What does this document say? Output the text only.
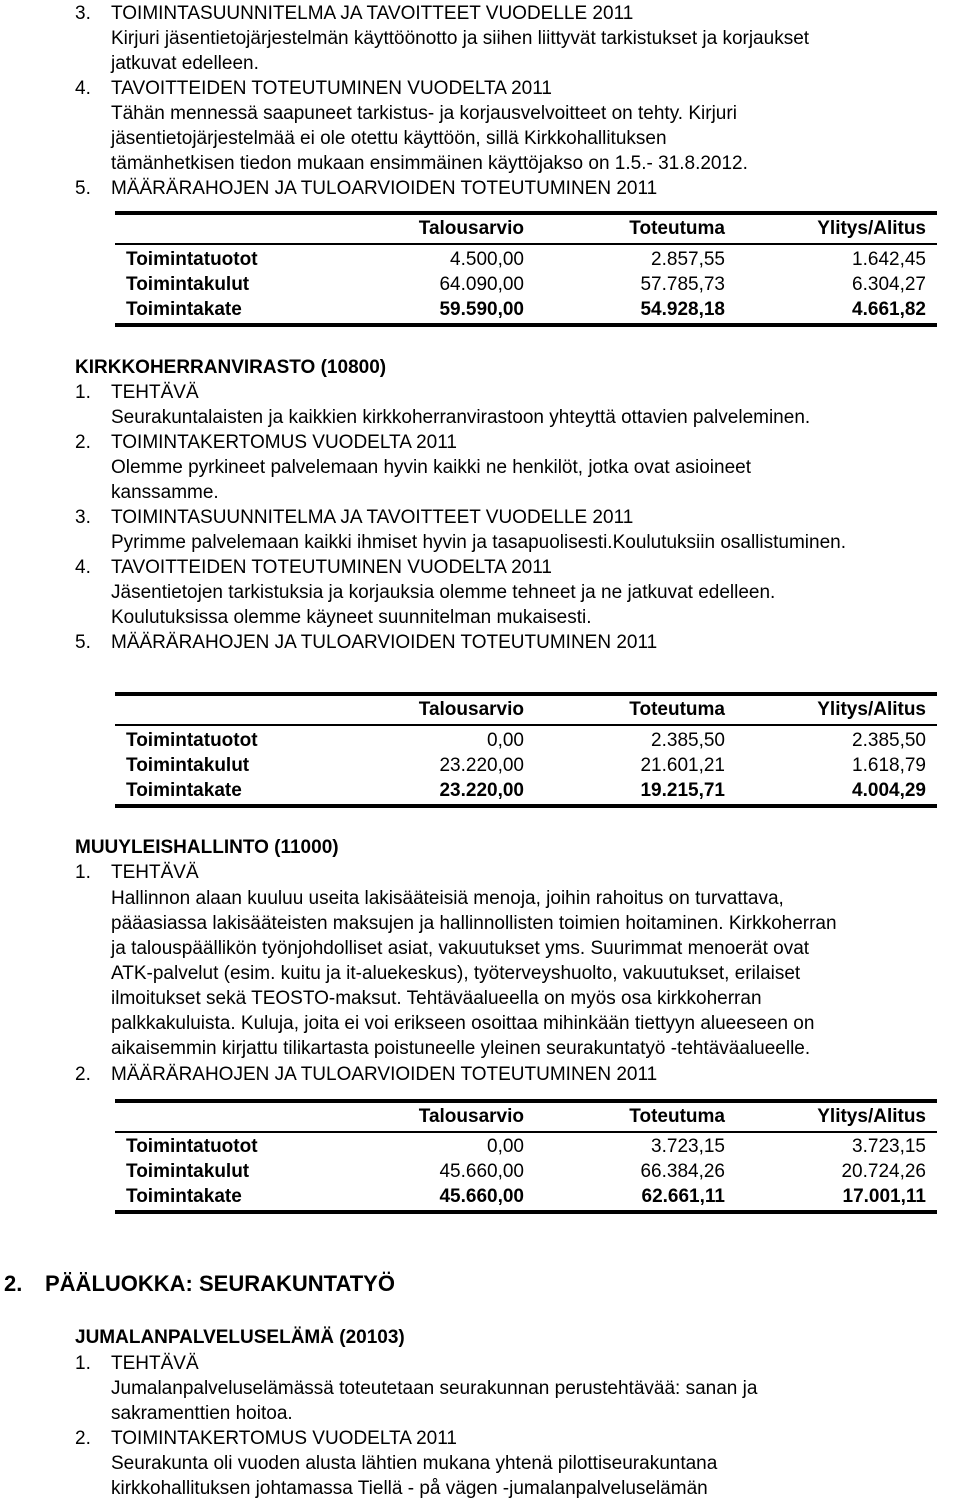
3. TOIMINTASUUNNITELMA JA TAVOITTEET VUODELLE 2011
Kirjuri jäsentietojärjestelmän käyttöönotto ja siihen liittyvät tarkistukset ja korjaukset
jatkuvat edelleen.
4. TAVOITTEIDEN TOTEUTUMINEN VUODELTA 2011
Tähän mennessä saapuneet tarkistus- ja korjausvelvoitteet on tehty. Kirjuri
jäsentietojärjestelmää ei ole otettu käyttöön, sillä Kirkkohallituksen
tämänhetkisen tiedon mukaan ensimmäinen käyttöjakso on 1.5.- 31.8.2012.
5. MÄÄRÄRAHOJEN JA TULOARVIOIDEN TOTEUTUMINEN 2011
Talousarvio	Toteutuma	Ylitys/Alitus
Toimintatuotot	4.500,00	2.857,55	1.642,45
Toimintakulut	64.090,00	57.785,73	6.304,27
Toimintakate	59.590,00	54.928,18	4.661,82
KIRKKOHERRANVIRASTO (10800)
1. TEHTÄVÄ
Seurakuntalaisten ja kaikkien kirkkoherranvirastoon yhteyttä ottavien palveleminen.
2. TOIMINTAKERTOMUS VUODELTA 2011
Olemme pyrkineet palvelemaan hyvin kaikki ne henkilöt, jotka ovat asioineet
kanssamme.
3. TOIMINTASUUNNITELMA JA TAVOITTEET VUODELLE 2011
Pyrimme palvelemaan kaikki ihmiset hyvin ja tasapuolisesti.Koulutuksiin osallistuminen.
4. TAVOITTEIDEN TOTEUTUMINEN VUODELTA 2011
Jäsentietojen tarkistuksia ja korjauksia olemme tehneet ja ne jatkuvat edelleen.
Koulutuksissa olemme käyneet suunnitelman mukaisesti.
5. MÄÄRÄRAHOJEN JA TULOARVIOIDEN TOTEUTUMINEN 2011
Talousarvio	Toteutuma	Ylitys/Alitus
Toimintatuotot	0,00	2.385,50	2.385,50
Toimintakulut	23.220,00	21.601,21	1.618,79
Toimintakate	23.220,00	19.215,71	4.004,29
MUUYLEISHALLINTO (11000)
1. TEHTÄVÄ
Hallinnon alaan kuuluu useita lakisääteisiä menoja, joihin rahoitus on turvattava,
pääasiassa lakisääteisten maksujen ja hallinnollisten toimien hoitaminen. Kirkkoherran
ja talouspäällikön työnjohdolliset asiat, vakuutukset yms. Suurimmat menoerät ovat
ATK-palvelut (esim. kuitu ja it-aluekeskus), työterveyshuolto, vakuutukset, erilaiset
ilmoitukset sekä TEOSTO-maksut. Tehtäväalueella on myös osa kirkkoherran
palkkakuluista. Kuluja, joita ei voi erikseen osoittaa mihinkään tiettyyn alueeseen on
aikaisemmin kirjattu tilikartasta poistuneelle yleinen seurakuntatyö -tehtäväalueelle.
2. MÄÄRÄRAHOJEN JA TULOARVIOIDEN TOTEUTUMINEN 2011
Talousarvio	Toteutuma	Ylitys/Alitus
Toimintatuotot	0,00	3.723,15	3.723,15
Toimintakulut	45.660,00	66.384,26	20.724,26
Toimintakate	45.660,00	62.661,11	17.001,11
2. PÄÄLUOKKA: SEURAKUNTATYÖ
JUMALANPALVELUSELÄMÄ (20103)
1. TEHTÄVÄ
Jumalanpalveluselämässä toteutetaan seurakunnan perustehtävää: sanan ja
sakramenttien hoitoa.
2. TOIMINTAKERTOMUS VUODELTA 2011
Seurakunta oli vuoden alusta lähtien mukana yhtenä pilottiseurakuntana
kirkkohallituksen johtamassa Tiellä - på vägen -jumalanpalveluselämän
